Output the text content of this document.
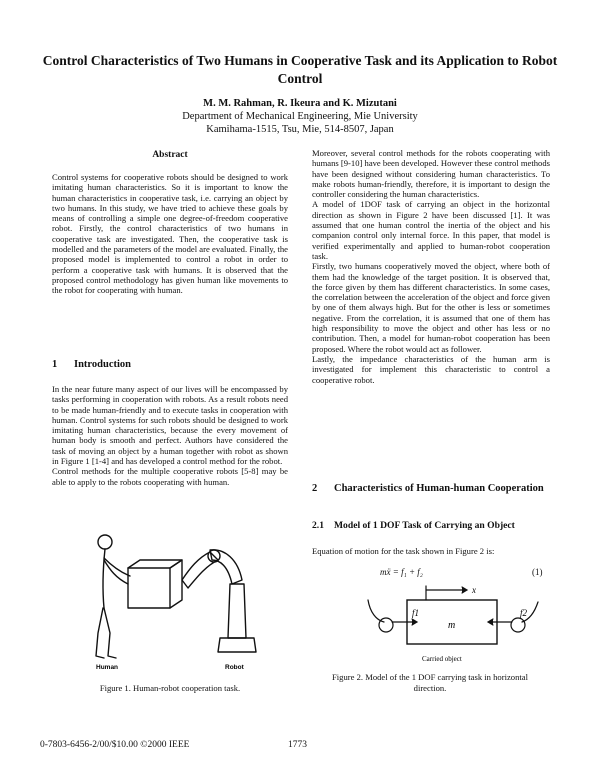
Control Characteristics of Two Humans in Cooperative Task and its Application to Robot Control
M. M. Rahman, R. Ikeura and K. Mizutani
Department of Mechanical Engineering, Mie University
Kamihama-1515, Tsu, Mie, 514-8507, Japan
Abstract

Control systems for cooperative robots should be designed to work imitating human characteristics. So it is important to know the human characteristics in cooperative task, i.e. carrying an object by two humans. In this study, we have tried to achieve these goals by means of controlling a simple one degree-of-freedom cooperative robot. Firstly, the control characteristics of two humans in cooperative task are investigated. Then, the cooperative task is modelled and the parameters of the model are evaluated. Finally, the proposed model is implemented to control a robot in order to perform a cooperative task with humans. It is observed that the proposed control methodology has given human like movements to the robot for cooperating with human.

1 Introduction

In the near future many aspect of our lives will be encompassed by tasks performing in cooperation with robots. As a result robots need to be made human-friendly and to execute tasks in cooperation with human. Control systems for such robots should be designed to work imitating human characteristics, because the every movement of human body is smooth and perfect. Authors have considered the task of moving an object by a human together with robot as shown in Figure 1 [1-4] and has developed a control method for the robot.

Control methods for the multiple cooperative robots [5-8] may be able to apply to the robots cooperating with human.

Human	Robot
Figure 1. Human-robot cooperation task.

Moreover, several control methods for the robots cooperating with humans [9-10] have been developed. However these control methods have been designed without considering human characteristics. To make robots human-friendly, therefore, it is important to design the controller considering the human characteristics.

A model of 1DOF task of carrying an object in the horizontal direction as shown in Figure 2 have been discussed [1]. It was assumed that one human control the inertia of the object and his companion control only internal force. In this paper, that model is verified experimentally and applied to human-robot cooperation task.

Firstly, two humans cooperatively moved the object, where both of them had the knowledge of the target position. It is observed that, the force given by them has different characteristics. In some cases, the correlation between the acceleration of the object and force given by one of them always high. But for the other is less or sometimes negative. From the correlation, it is assumed that one of them has high responsibility to move the object and other has less or no contribution. Then, a model for human-robot cooperation has been proposed. Where the robot would act as follower.

Lastly, the impedance characteristics of the human arm is investigated for implement this characteristic to control a cooperative robot.

2 Characteristics of Human-human Cooperation
2.1 Model of 1 DOF Task of Carrying an Object
Equation of motion for the task shown in Figure 2 is:
mẍ = f₁ + f₂	(1)
x
m
f1	f2
Carried object
Figure 2. Model of the 1 DOF carrying task in horizontal direction.
0-7803-6456-2/00/$10.00 ©2000 IEEE	1773
